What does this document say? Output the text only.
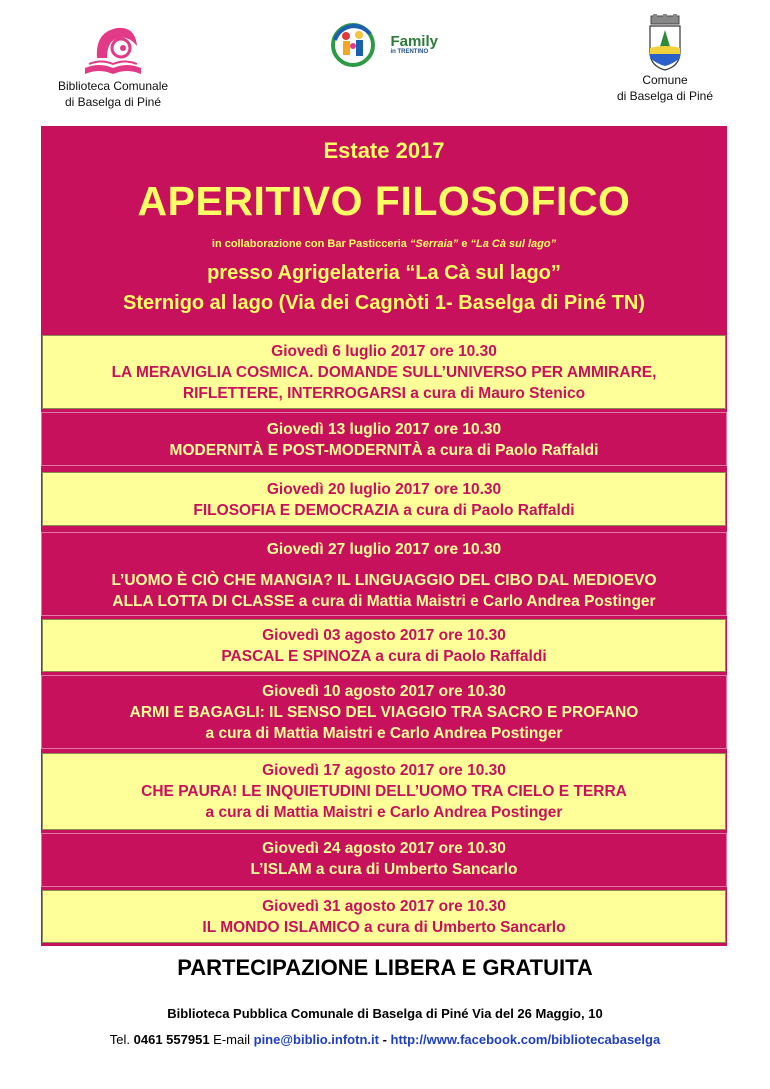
Biblioteca Comunale
di Baselga di Piné
Family
in TRENTINO
Comune
di Baselga di Piné
Estate 2017
APERITIVO FILOSOFICO
in collaborazione con Bar Pasticceria “Serraia” e “La Cà sul lago”
presso Agrigelateria “La Cà sul lago”
Sternigo al lago (Via dei Cagnòti 1- Baselga di Piné TN)
Giovedì 6 luglio 2017 ore 10.30
LA MERAVIGLIA COSMICA. DOMANDE SULL’UNIVERSO PER AMMIRARE,
RIFLETTERE, INTERROGARSI a cura di Mauro Stenico
Giovedì 13 luglio 2017 ore 10.30
MODERNITÀ E POST-MODERNITÀ a cura di Paolo Raffaldi
Giovedì 20 luglio 2017 ore 10.30
FILOSOFIA E DEMOCRAZIA a cura di Paolo Raffaldi
Giovedì 27 luglio 2017 ore 10.30
L’UOMO È CIÒ CHE MANGIA? IL LINGUAGGIO DEL CIBO DAL MEDIOEVO
ALLA LOTTA DI CLASSE a cura di Mattia Maistri e Carlo Andrea Postinger
Giovedì 03 agosto 2017 ore 10.30
PASCAL E SPINOZA a cura di Paolo Raffaldi
Giovedì 10 agosto 2017 ore 10.30
ARMI E BAGAGLI: IL SENSO DEL VIAGGIO TRA SACRO E PROFANO
a cura di Mattia Maistri e Carlo Andrea Postinger
Giovedì 17 agosto 2017 ore 10.30
CHE PAURA! LE INQUIETUDINI DELL’UOMO TRA CIELO E TERRA
a cura di Mattia Maistri e Carlo Andrea Postinger
Giovedì 24 agosto 2017 ore 10.30
L’ISLAM a cura di Umberto Sancarlo
Giovedì 31 agosto 2017 ore 10.30
IL MONDO ISLAMICO a cura di Umberto Sancarlo
PARTECIPAZIONE LIBERA E GRATUITA
Biblioteca Pubblica Comunale di Baselga di Piné Via del 26 Maggio, 10
Tel. 0461 557951 E-mail pine@biblio.infotn.it - http://www.facebook.com/bibliotecabaselga
